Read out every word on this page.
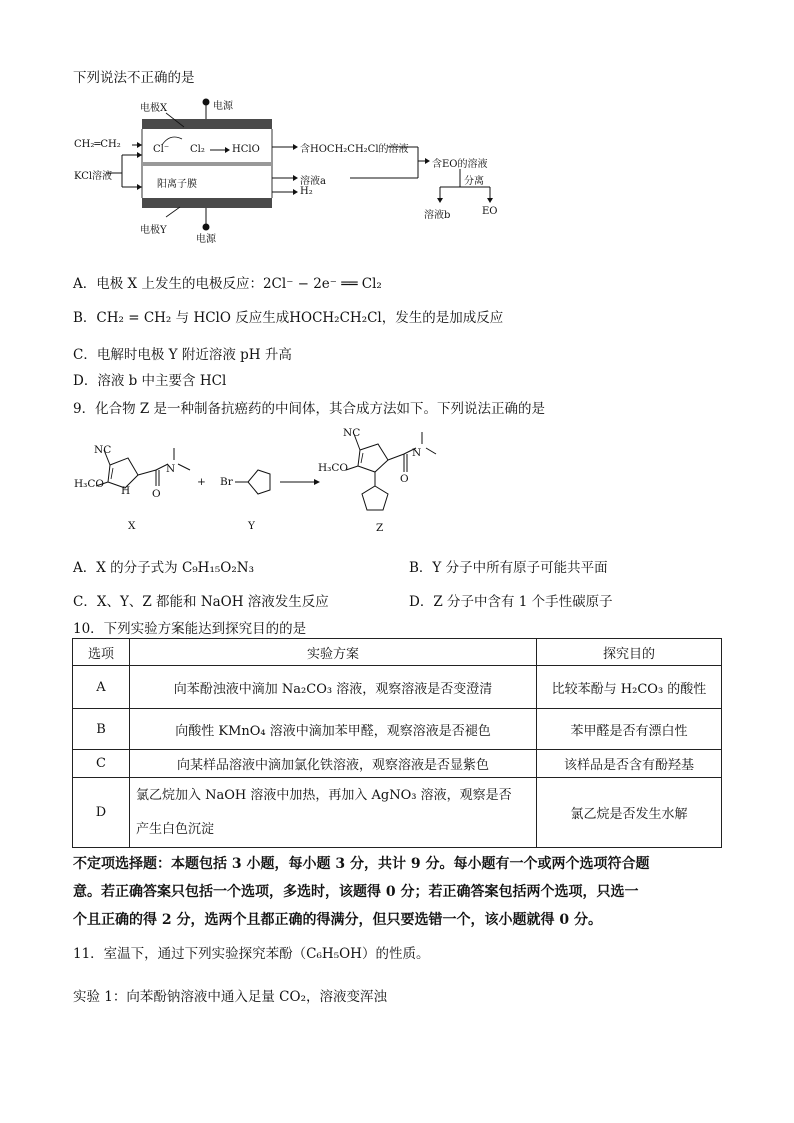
下列说法不正确的是
电源
电源
电极X
电极Y
CH₂═CH₂
KCl溶液
Cl⁻ Cl₂	HClO
阳离子膜
含HOCH₂CH₂Cl的溶液
溶液a
H₂
含EO的溶液
分离
溶液b	EO
A．电极 X 上发生的电极反应：2Cl⁻ − 2e⁻ ══ Cl₂
B．CH₂ = CH₂ 与 HClO 反应生成HOCH₂CH₂Cl，发生的是加成反应
C．电解时电极 Y 附近溶液 pH 升高
D．溶液 b 中主要含 HCl
9．化合物 Z 是一种制备抗癌药的中间体，其合成方法如下。下列说法正确的是
NC
H₃CO
H
N
O
+ Br
NC
H₃CO
N
O
X	Y	Z
A．X 的分子式为 C₉H₁₅O₂N₃	B．Y 分子中所有原子可能共平面
C．X、Y、Z 都能和 NaOH 溶液发生反应	D．Z 分子中含有 1 个手性碳原子
10．下列实验方案能达到探究目的的是
选项	实验方案	探究目的
A	向苯酚浊液中滴加 Na₂CO₃ 溶液，观察溶液是否变澄清	比较苯酚与 H₂CO₃ 的酸性
B	向酸性 KMnO₄ 溶液中滴加苯甲醛，观察溶液是否褪色	苯甲醛是否有漂白性
C	向某样品溶液中滴加氯化铁溶液，观察溶液是否显紫色	该样品是否含有酚羟基
D	氯乙烷加入 NaOH 溶液中加热，再加入 AgNO₃ 溶液，观察是否
产生白色沉淀	氯乙烷是否发生水解
不定项选择题：本题包括 3 小题，每小题 3 分，共计 9 分。每小题有一个或两个选项符合题
意。若正确答案只包括一个选项，多选时，该题得 0 分；若正确答案包括两个选项，只选一
个且正确的得 2 分，选两个且都正确的得满分，但只要选错一个，该小题就得 0 分。
11．室温下，通过下列实验探究苯酚（C₆H₅OH）的性质。
实验 1：向苯酚钠溶液中通入足量 CO₂，溶液变浑浊
